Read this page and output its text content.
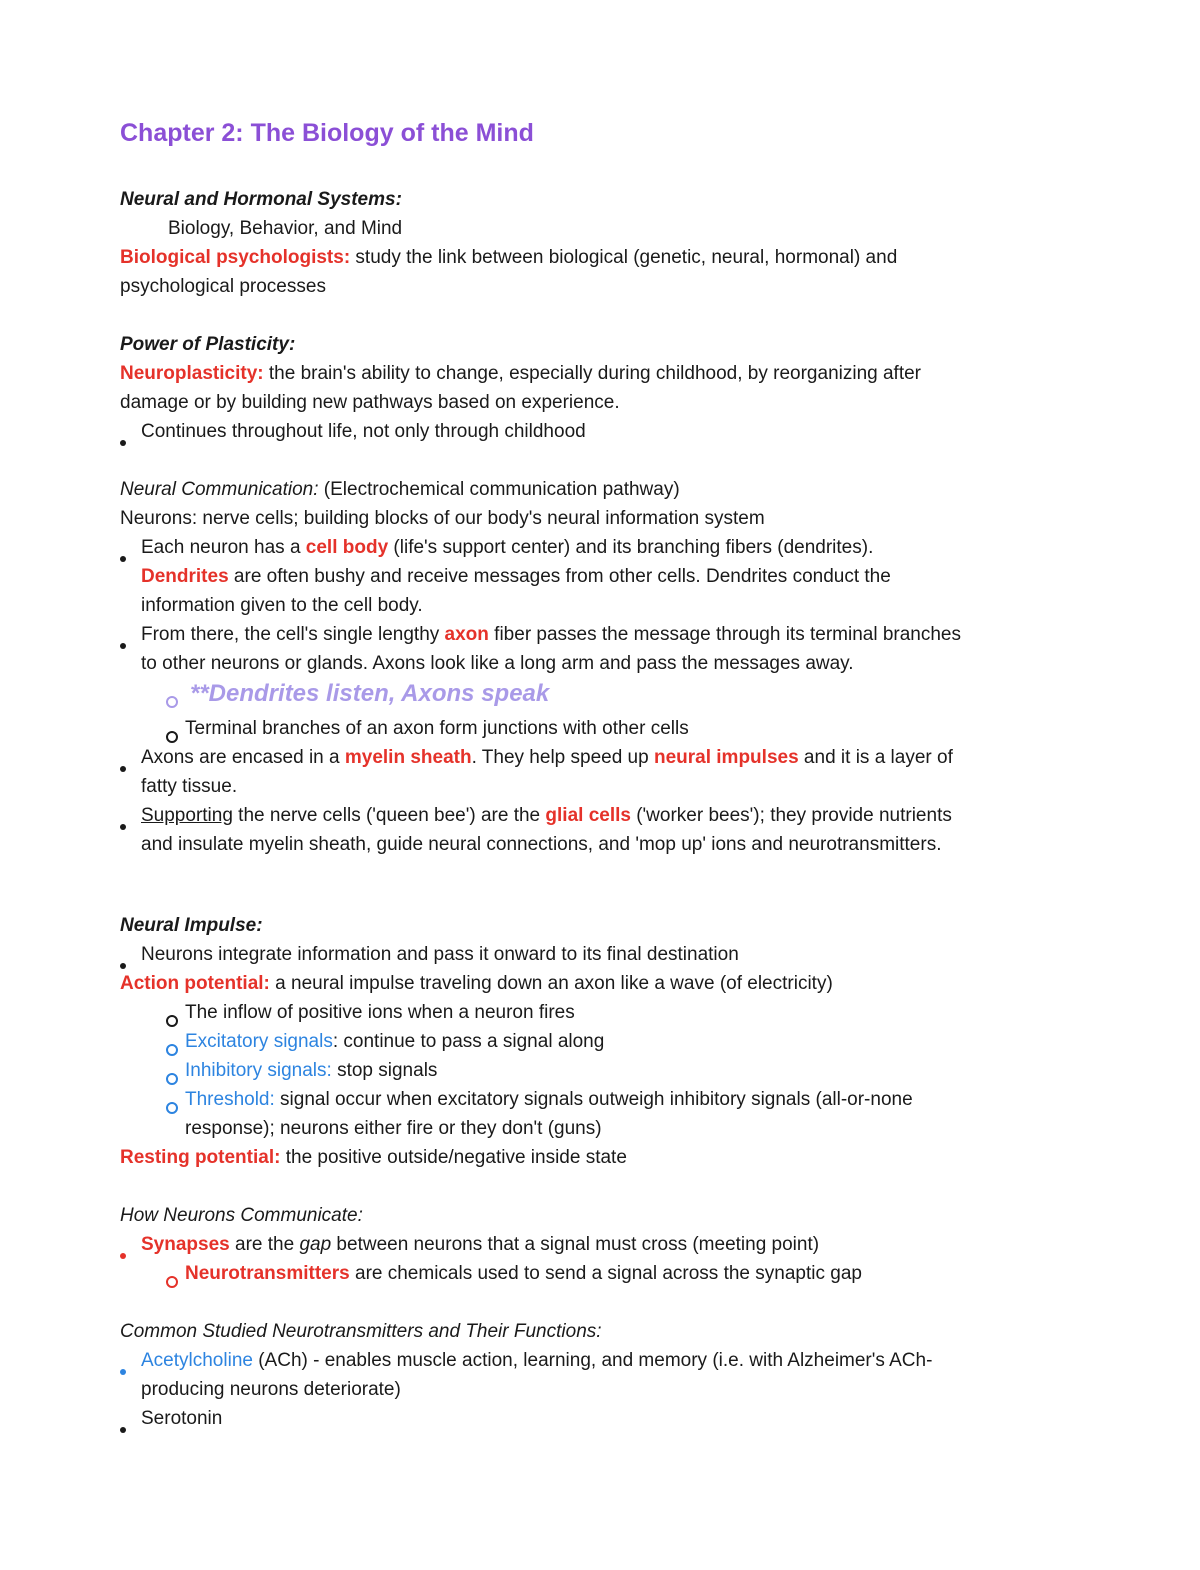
Chapter 2: The Biology of the Mind
Neural and Hormonal Systems:
Biology, Behavior, and Mind
Biological psychologists: study the link between biological (genetic, neural, hormonal) and
psychological processes
Power of Plasticity:
Neuroplasticity: the brain's ability to change, especially during childhood, by reorganizing after
damage or by building new pathways based on experience.
Continues throughout life, not only through childhood
Neural Communication: (Electrochemical communication pathway)
Neurons: nerve cells; building blocks of our body's neural information system
Each neuron has a cell body (life's support center) and its branching fibers (dendrites).
Dendrites are often bushy and receive messages from other cells. Dendrites conduct the
information given to the cell body.
From there, the cell's single lengthy axon fiber passes the message through its terminal branches
to other neurons or glands. Axons look like a long arm and pass the messages away.
**Dendrites listen, Axons speak
Terminal branches of an axon form junctions with other cells
Axons are encased in a myelin sheath. They help speed up neural impulses and it is a layer of
fatty tissue.
Supporting the nerve cells ('queen bee') are the glial cells ('worker bees'); they provide nutrients
and insulate myelin sheath, guide neural connections, and 'mop up' ions and neurotransmitters.
Neural Impulse:
Neurons integrate information and pass it onward to its final destination
Action potential: a neural impulse traveling down an axon like a wave (of electricity)
The inflow of positive ions when a neuron fires
Excitatory signals: continue to pass a signal along
Inhibitory signals: stop signals
Threshold: signal occur when excitatory signals outweigh inhibitory signals (all-or-none
response); neurons either fire or they don't (guns)
Resting potential: the positive outside/negative inside state
How Neurons Communicate:
Synapses are the gap between neurons that a signal must cross (meeting point)
Neurotransmitters are chemicals used to send a signal across the synaptic gap
Common Studied Neurotransmitters and Their Functions:
Acetylcholine (ACh) - enables muscle action, learning, and memory (i.e. with Alzheimer's ACh-
producing neurons deteriorate)
Serotonin
